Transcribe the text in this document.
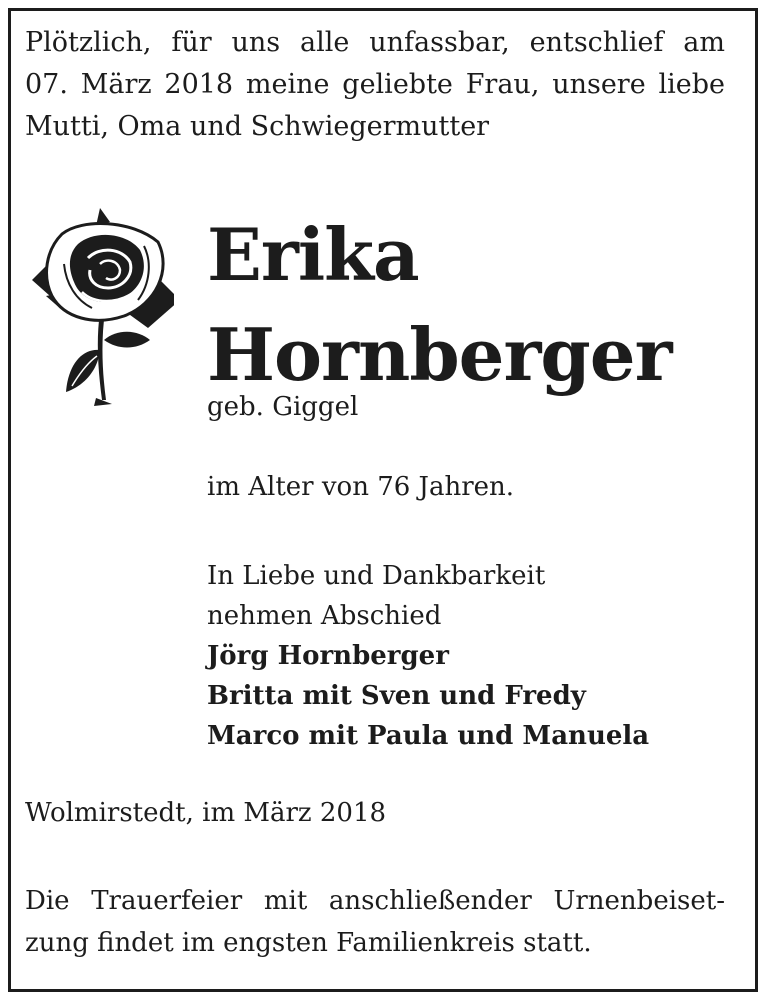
Plötzlich, für uns alle unfassbar, entschlief am
07. März 2018 meine geliebte Frau, unsere liebe
Mutti, Oma und Schwiegermutter
Erika
Hornberger
geb. Giggel
im Alter von 76 Jahren.
In Liebe und Dankbarkeit
nehmen Abschied
Jörg Hornberger
Britta mit Sven und Fredy
Marco mit Paula und Manuela
Wolmirstedt, im März 2018
Die Trauerfeier mit anschließender Urnenbeiset-
zung findet im engsten Familienkreis statt.
